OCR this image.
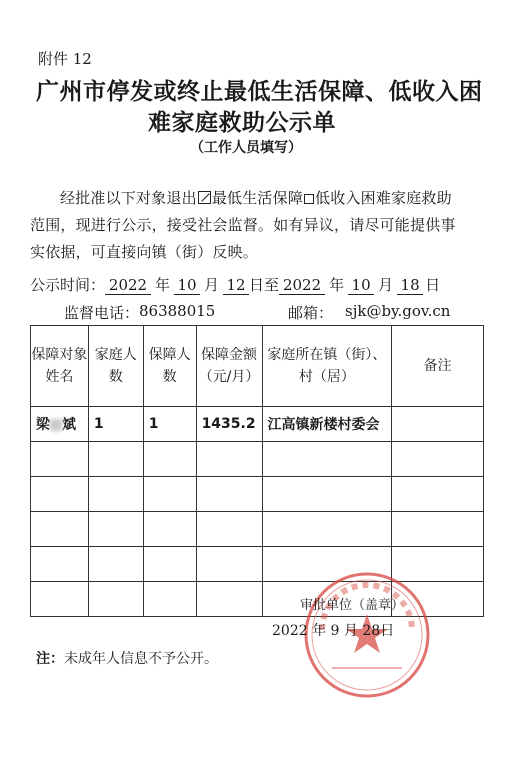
附件 12
广州市停发或终止最低生活保障、低收入困
难家庭救助公示单
（工作人员填写）
经批准以下对象退出 最低生活保障 低收入困难家庭救助范围，现进行公示，接受社会监督。如有异议，请尽可能提供事实依据，可直接向镇（街）反映。
公示时间： 2022 年 10 月 12 日至 2022 年 10 月 18 日
监督电话： 86388015	邮箱： sjk@by.gov.cn
保障对象姓名	家庭人数	保障人数	保障金额（元/月）	家庭所在镇（街）、村（居）	备注
梁 斌	1	1	1435.2	江高镇新楼村委会	

审批单位（盖章）
2022 年 9 月 28日
注：未成年人信息不予公开。
